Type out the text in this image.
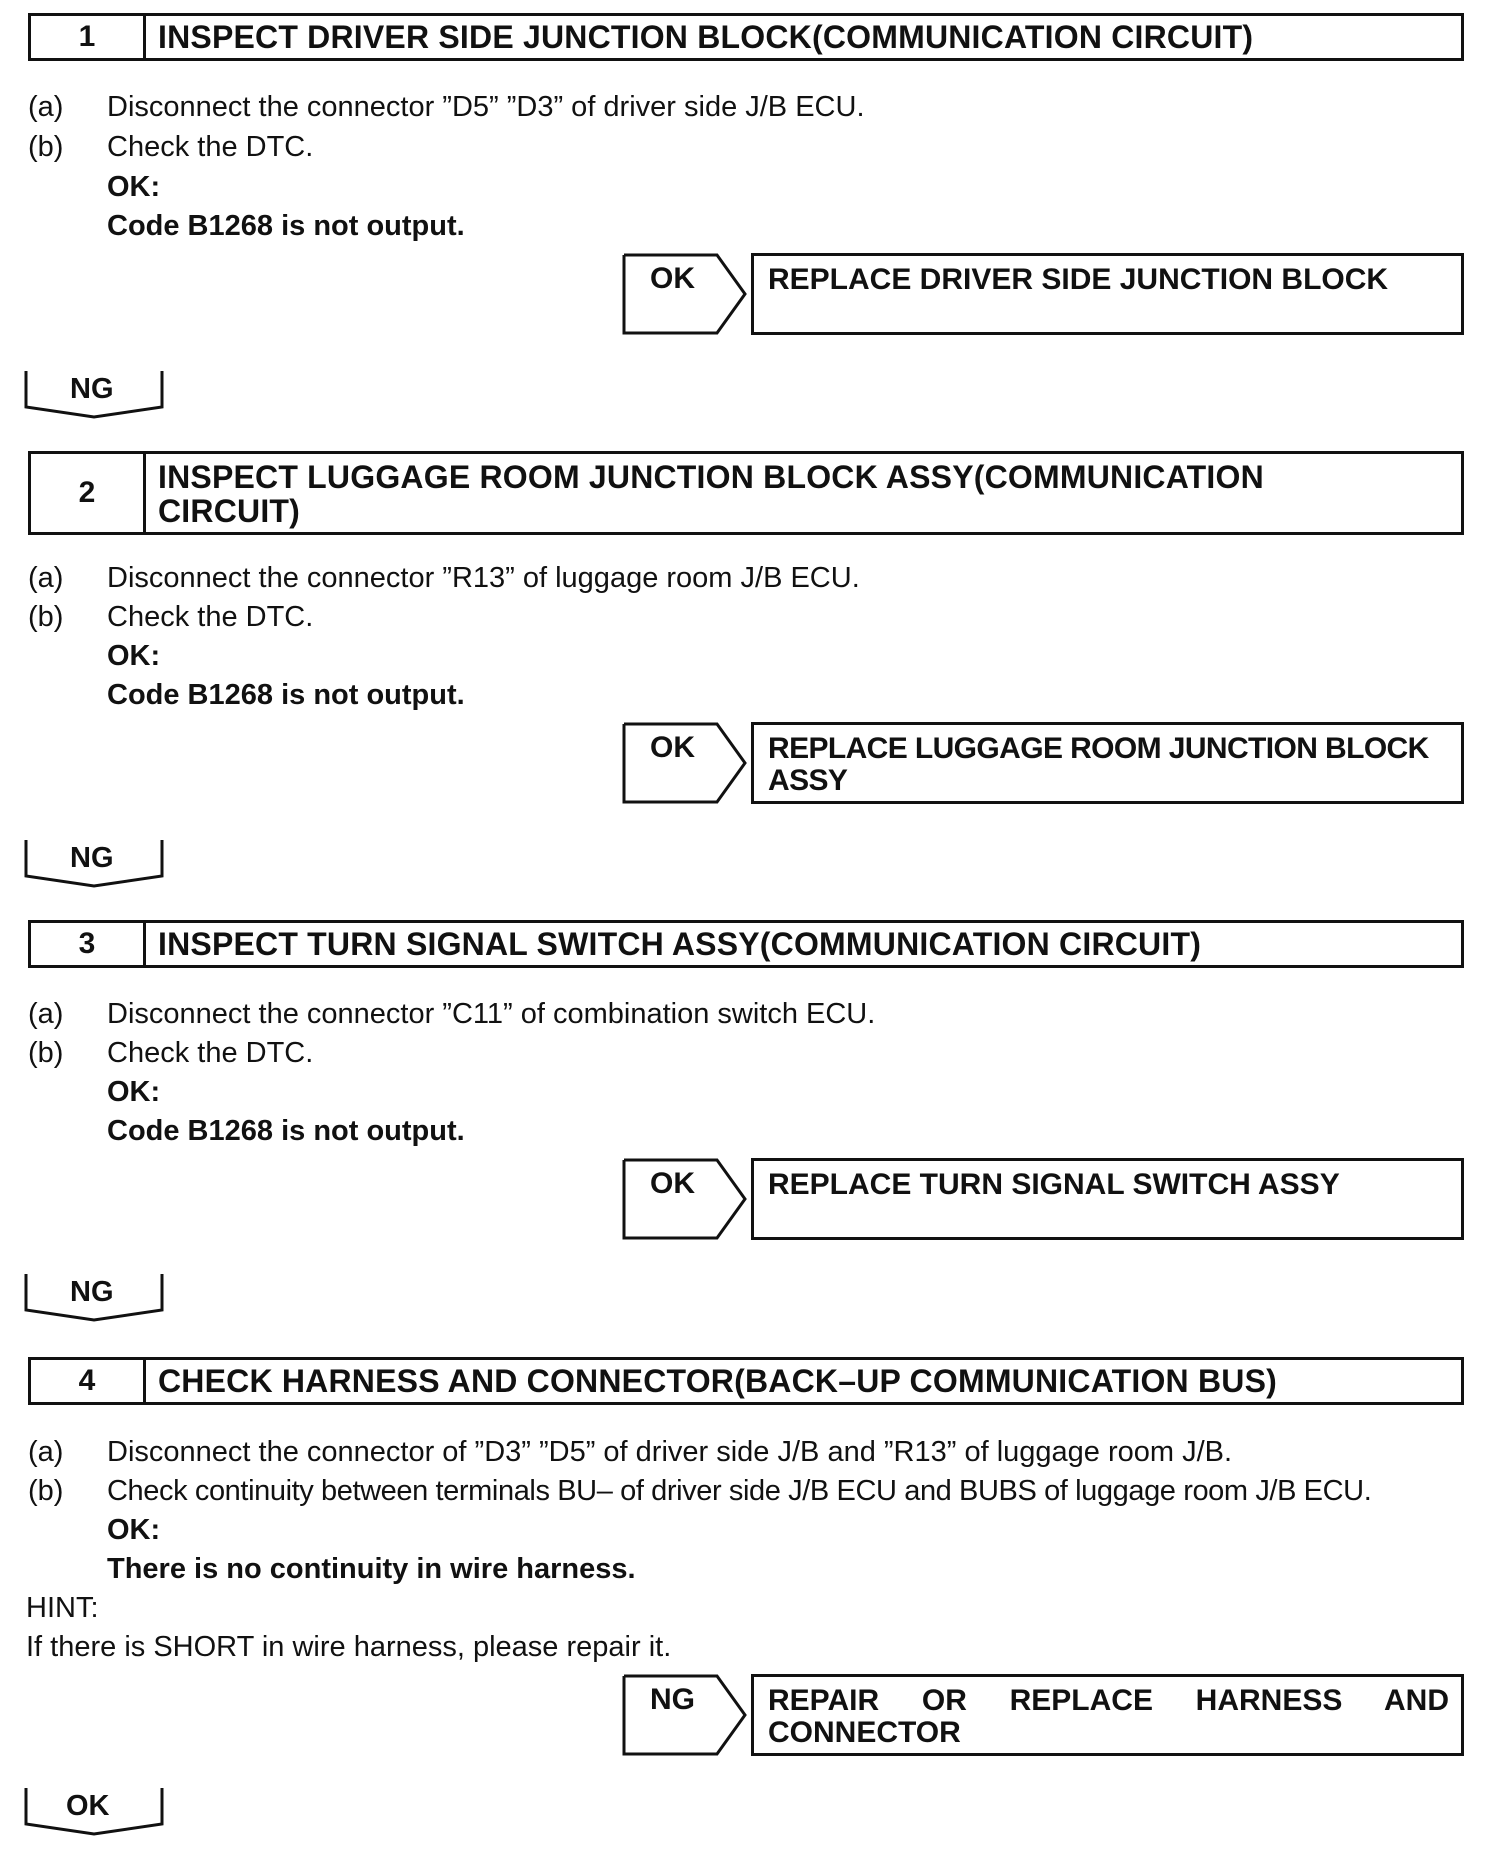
1	INSPECT DRIVER SIDE JUNCTION BLOCK(COMMUNICATION CIRCUIT)
(a) Disconnect the connector ”D5” ”D3” of driver side J/B ECU.
(b) Check the DTC.
OK:
Code B1268 is not output.
OK	REPLACE DRIVER SIDE JUNCTION BLOCK
NG
2	INSPECT LUGGAGE ROOM JUNCTION BLOCK ASSY(COMMUNICATION CIRCUIT)
(a) Disconnect the connector ”R13” of luggage room J/B ECU.
(b) Check the DTC.
OK:
Code B1268 is not output.
OK	REPLACE LUGGAGE ROOM JUNCTION BLOCK ASSY
NG
3	INSPECT TURN SIGNAL SWITCH ASSY(COMMUNICATION CIRCUIT)
(a) Disconnect the connector ”C11” of combination switch ECU.
(b) Check the DTC.
OK:
Code B1268 is not output.
OK	REPLACE TURN SIGNAL SWITCH ASSY
NG
4	CHECK HARNESS AND CONNECTOR(BACK–UP COMMUNICATION BUS)
(a) Disconnect the connector of ”D3” ”D5” of driver side J/B and ”R13” of luggage room J/B.
(b) Check continuity between terminals BU– of driver side J/B ECU and BUBS of luggage room J/B ECU.
OK:
There is no continuity in wire harness.
HINT:
If there is SHORT in wire harness, please repair it.
NG	REPAIR OR REPLACE HARNESS AND CONNECTOR
OK
